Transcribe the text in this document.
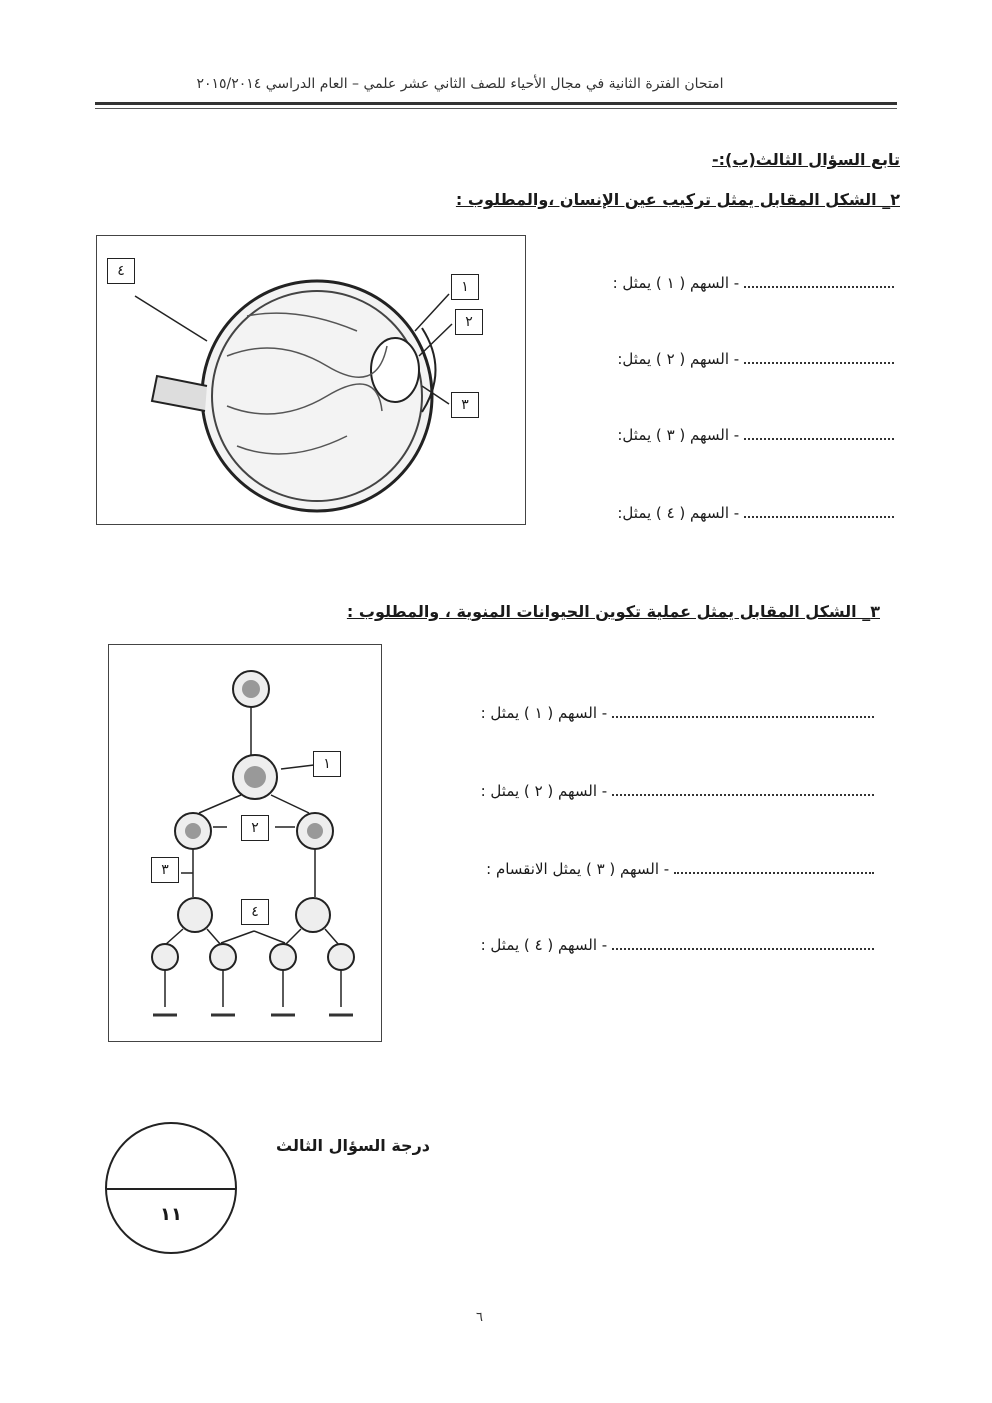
امتحان الفترة الثانية في مجال الأحياء للصف الثاني عشر علمي – العام الدراسي ٢٠١٥/٢٠١٤
تابع السؤال الثالث(ب):-
٢_ الشكل المقابل يمثل تركيب عين الإنسان ،والمطلوب :
٤
١
٢
٣
- السهم ( ١ ) يمثل :
- السهم ( ٢ ) يمثل:
- السهم ( ٣ ) يمثل:
- السهم ( ٤ ) يمثل:
٣_ الشكل المقابل يمثل عملية تكوين الحيوانات المنوية ، والمطلوب :
١
٢
٣
٤
- السهم ( ١ ) يمثل :
- السهم ( ٢ ) يمثل :
- السهم ( ٣ ) يمثل الانقسام :
- السهم ( ٤ ) يمثل :
١١
درجة السؤال الثالث
٦
